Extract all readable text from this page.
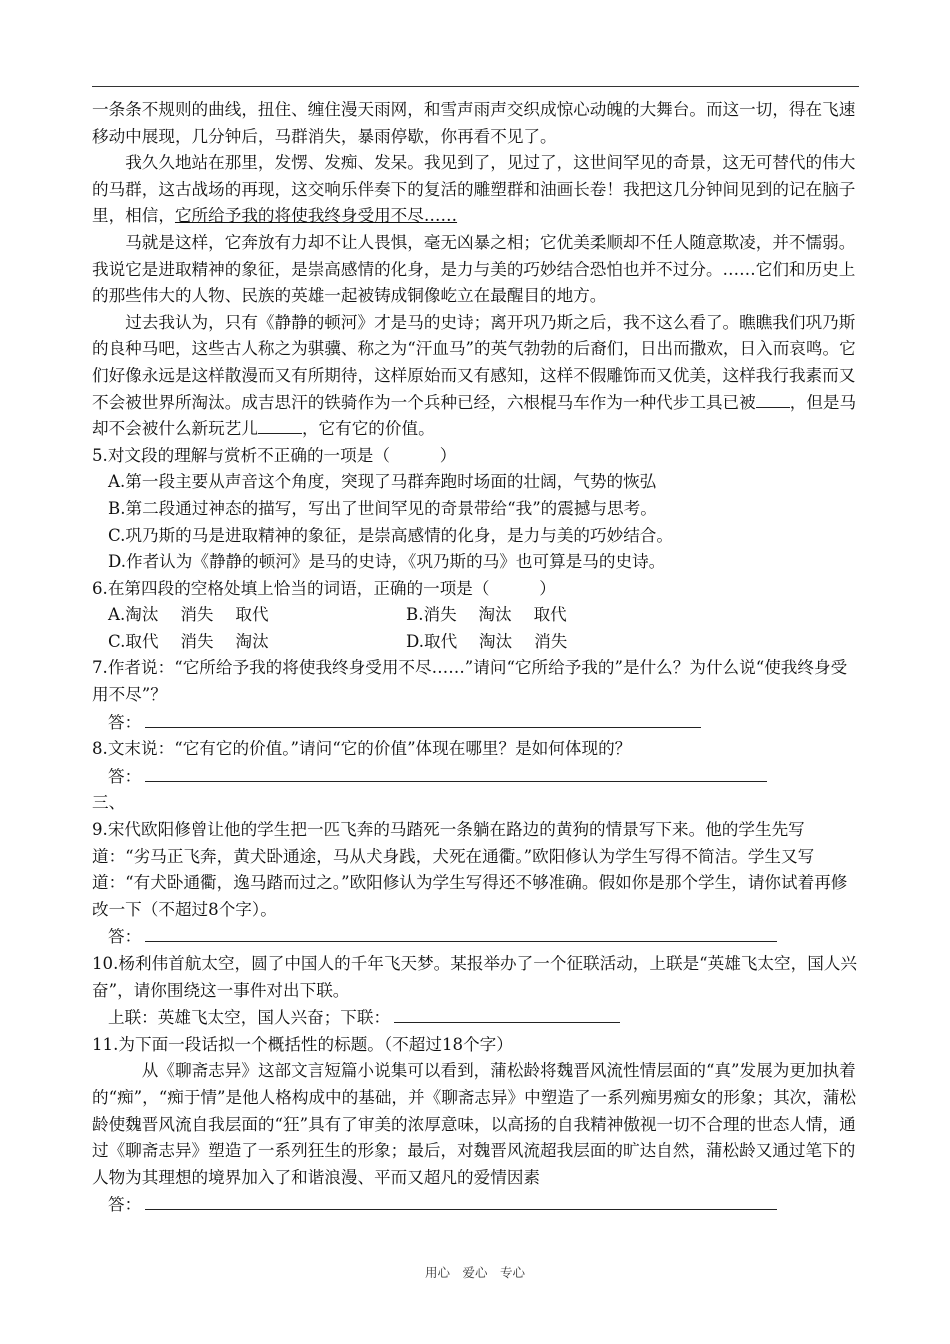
一条条不规则的曲线，扭住、缠住漫天雨网，和雪声雨声交织成惊心动魄的大舞台。而这一切，得在飞速移动中展现，几分钟后，马群消失，暴雨停歇，你再看不见了。

我久久地站在那里，发愣、发痴、发呆。我见到了，见过了，这世间罕见的奇景，这无可替代的伟大的马群，这古战场的再现，这交响乐伴奏下的复活的雕塑群和油画长卷！我把这几分钟间见到的记在脑子里，相信，它所给予我的将使我终身受用不尽……

马就是这样，它奔放有力却不让人畏惧，毫无凶暴之相；它优美柔顺却不任人随意欺凌，并不懦弱。我说它是进取精神的象征，是崇高感情的化身，是力与美的巧妙结合恐怕也并不过分。……它们和历史上的那些伟大的人物、民族的英雄一起被铸成铜像屹立在最醒目的地方。

过去我认为，只有《静静的顿河》才是马的史诗；离开巩乃斯之后，我不这么看了。瞧瞧我们巩乃斯的良种马吧，这些古人称之为骐骥、称之为“汗血马”的英气勃勃的后裔们，日出而撒欢，日入而哀鸣。它们好像永远是这样散漫而又有所期待，这样原始而又有感知，这样不假雕饰而又优美，这样我行我素而又不会被世界所淘汰。成吉思汗的铁骑作为一个兵种已经，六根棍马车作为一种代步工具已被 ，但是马却不会被什么新玩艺儿	，它有它的价值。

5.对文段的理解与赏析不正确的一项是（　　　）

A.第一段主要从声音这个角度，突现了马群奔跑时场面的壮阔，气势的恢弘

B.第二段通过神态的描写，写出了世间罕见的奇景带给“我”的震撼与思考。

C.巩乃斯的马是进取精神的象征，是崇高感情的化身，是力与美的巧妙结合。

D.作者认为《静静的顿河》是马的史诗，《巩乃斯的马》也可算是马的史诗。

6.在第四段的空格处填上恰当的词语，正确的一项是（　　　）

A.淘汰　 消失　 取代	B.消失　 淘汰　 取代
C.取代　 消失　 淘汰	D.取代　 淘汰　 消失

7.作者说：“它所给予我的将使我终身受用不尽……”请问“它所给予我的”是什么？为什么说“使我终身受用不尽”？

答：

8.文末说：“它有它的价值。”请问“它的价值”体现在哪里？是如何体现的？

答：

三、

9.宋代欧阳修曾让他的学生把一匹飞奔的马踏死一条躺在路边的黄狗的情景写下来。他的学生先写道：“劣马正飞奔，黄犬卧通途，马从犬身践，犬死在通衢。”欧阳修认为学生写得不简洁。学生又写道：“有犬卧通衢，逸马踏而过之。”欧阳修认为学生写得还不够准确。假如你是那个学生，请你试着再修改一下（不超过8个字）。

答：

10.杨利伟首航太空，圆了中国人的千年飞天梦。某报举办了一个征联活动，上联是“英雄飞太空，国人兴奋”，请你围绕这一事件对出下联。

上联：英雄飞太空，国人兴奋；下联：

11.为下面一段话拟一个概括性的标题。（不超过18个字）

从《聊斋志异》这部文言短篇小说集可以看到，蒲松龄将魏晋风流性情层面的“真”发展为更加执着的“痴”，“痴于情”是他人格构成中的基础，并《聊斋志异》中塑造了一系列痴男痴女的形象；其次，蒲松龄使魏晋风流自我层面的“狂”具有了审美的浓厚意味，以高扬的自我精神傲视一切不合理的世态人情，通过《聊斋志异》塑造了一系列狂生的形象；最后，对魏晋风流超我层面的旷达自然，蒲松龄又通过笔下的人物为其理想的境界加入了和谐浪漫、平而又超凡的爱情因素

答：

用心　爱心　专心
